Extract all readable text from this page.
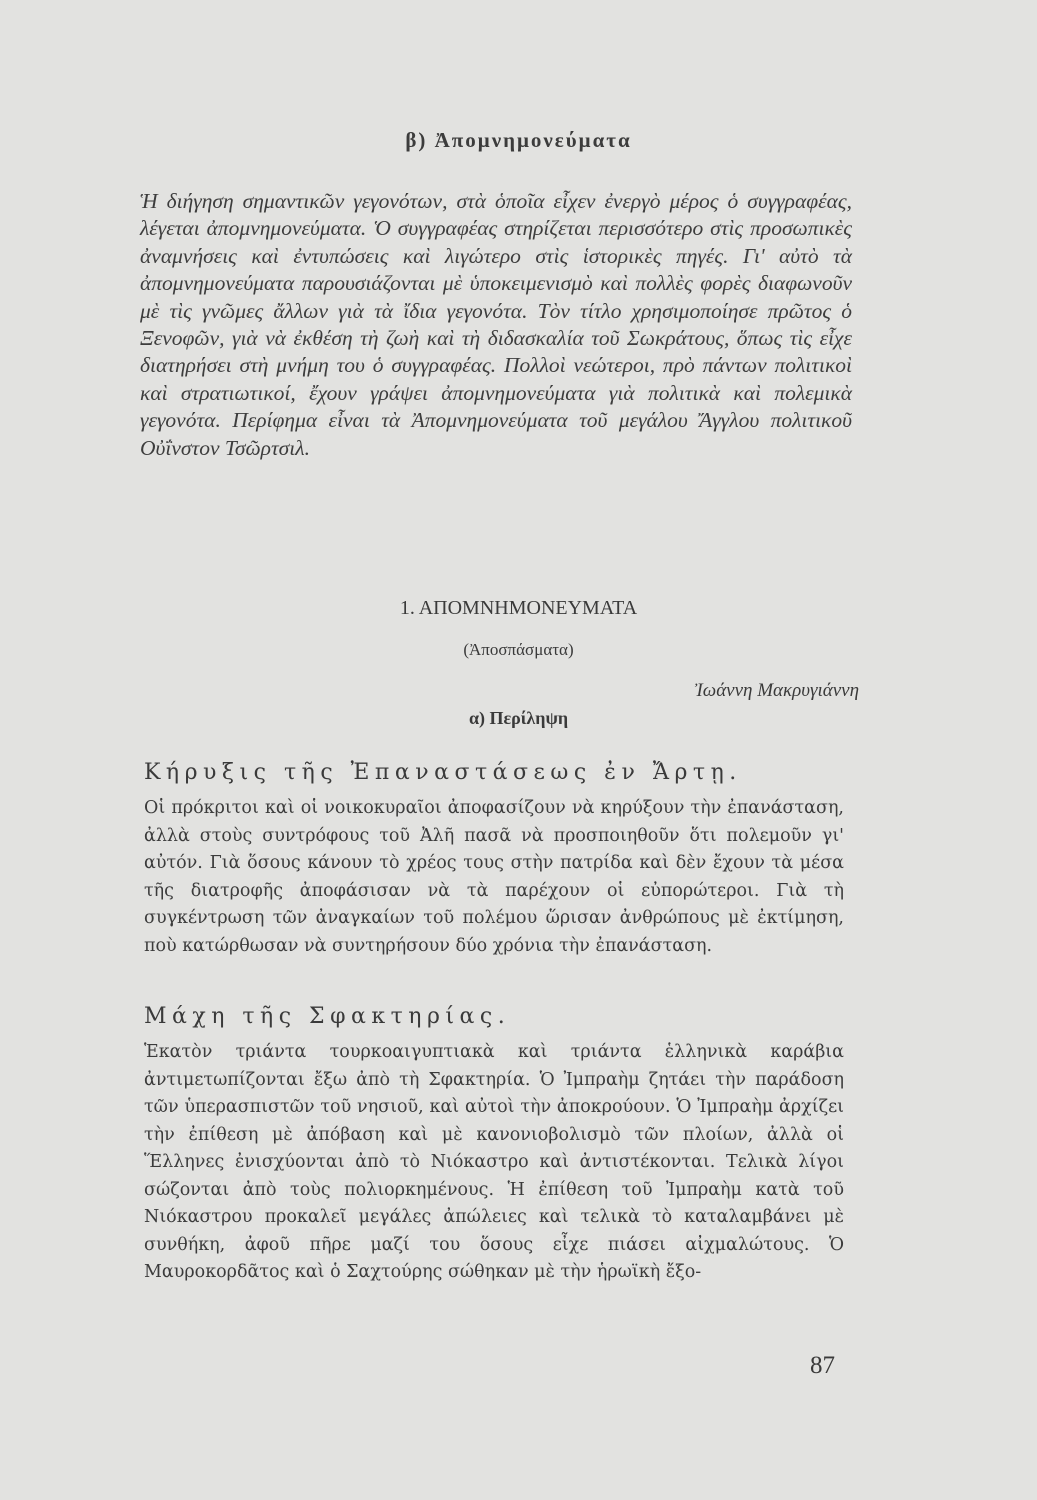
β) Ἀπομνημονεύματα

Ἡ διήγηση σημαντικῶν γεγονότων, στὰ ὁποῖα εἶχεν ἐνεργὸ μέρος ὁ συγγραφέας, λέγεται ἀπομνημονεύματα. Ὁ συγγραφέας στηρίζεται περισσότερο στὶς προσωπικὲς ἀναμνήσεις καὶ ἐντυπώσεις καὶ λιγώτερο στὶς ἱστορικὲς πηγές. Γι' αὐτὸ τὰ ἀπομνημονεύματα παρουσιάζονται μὲ ὑποκειμενισμὸ καὶ πολλὲς φορὲς διαφωνοῦν μὲ τὶς γνῶμες ἄλλων γιὰ τὰ ἴδια γεγονότα. Τὸν τίτλο χρησιμοποίησε πρῶτος ὁ Ξενοφῶν, γιὰ νὰ ἐκθέση τὴ ζωὴ καὶ τὴ διδασκαλία τοῦ Σωκράτους, ὅπως τὶς εἶχε διατηρήσει στὴ μνήμη του ὁ συγγραφέας. Πολλοὶ νεώτεροι, πρὸ πάντων πολιτικοὶ καὶ στρατιωτικοί, ἔχουν γράψει ἀπομνημονεύματα γιὰ πολιτικὰ καὶ πολεμικὰ γεγονότα. Περίφημα εἶναι τὰ Ἀπομνημονεύματα τοῦ μεγάλου Ἄγγλου πολιτικοῦ Οὐΐνστον Τσῶρτσιλ.

1. ΑΠΟΜΝΗΜΟΝΕΥΜΑΤΑ
(Ἀποσπάσματα)
Ἰωάννη Μακρυγιάννη
α) Περίληψη
Κήρυξις τῆς Ἐπαναστάσεως ἐν Ἄρτῃ.

Οἱ πρόκριτοι καὶ οἱ νοικοκυραῖοι ἀποφασίζουν νὰ κηρύξουν τὴν ἐπανάσταση, ἀλλὰ στοὺς συντρόφους τοῦ Ἀλῆ πασᾶ νὰ προσποιηθοῦν ὅτι πολεμοῦν γι' αὐτόν. Γιὰ ὅσους κάνουν τὸ χρέος τους στὴν πατρίδα καὶ δὲν ἔχουν τὰ μέσα τῆς διατροφῆς ἀποφάσισαν νὰ τὰ παρέχουν οἱ εὐπορώτεροι. Γιὰ τὴ συγκέντρωση τῶν ἀναγκαίων τοῦ πολέμου ὥρισαν ἀνθρώπους μὲ ἐκτίμηση, ποὺ κατώρθωσαν νὰ συντηρήσουν δύο χρόνια τὴν ἐπανάσταση.

Μάχη τῆς Σφακτηρίας.

Ἑκατὸν τριάντα τουρκοαιγυπτιακὰ καὶ τριάντα ἑλληνικὰ καράβια ἀντιμετωπίζονται ἔξω ἀπὸ τὴ Σφακτηρία. Ὁ Ἰμπραὴμ ζητάει τὴν παράδοση τῶν ὑπερασπιστῶν τοῦ νησιοῦ, καὶ αὐτοὶ τὴν ἀποκρούουν. Ὁ Ἰμπραὴμ ἀρχίζει τὴν ἐπίθεση μὲ ἀπόβαση καὶ μὲ κανονιοβολισμὸ τῶν πλοίων, ἀλλὰ οἱ Ἕλληνες ἐνισχύονται ἀπὸ τὸ Νιόκαστρο καὶ ἀντιστέκονται. Τελικὰ λίγοι σώζονται ἀπὸ τοὺς πολιορκημένους. Ἡ ἐπίθεση τοῦ Ἰμπραὴμ κατὰ τοῦ Νιόκαστρου προκαλεῖ μεγάλες ἀπώλειες καὶ τελικὰ τὸ καταλαμβάνει μὲ συνθήκη, ἀφοῦ πῆρε μαζί του ὅσους εἶχε πιάσει αἰχμαλώτους. Ὁ Μαυροκορδᾶτος καὶ ὁ Σαχτούρης σώθηκαν μὲ τὴν ἡρωϊκὴ ἔξο-

87
